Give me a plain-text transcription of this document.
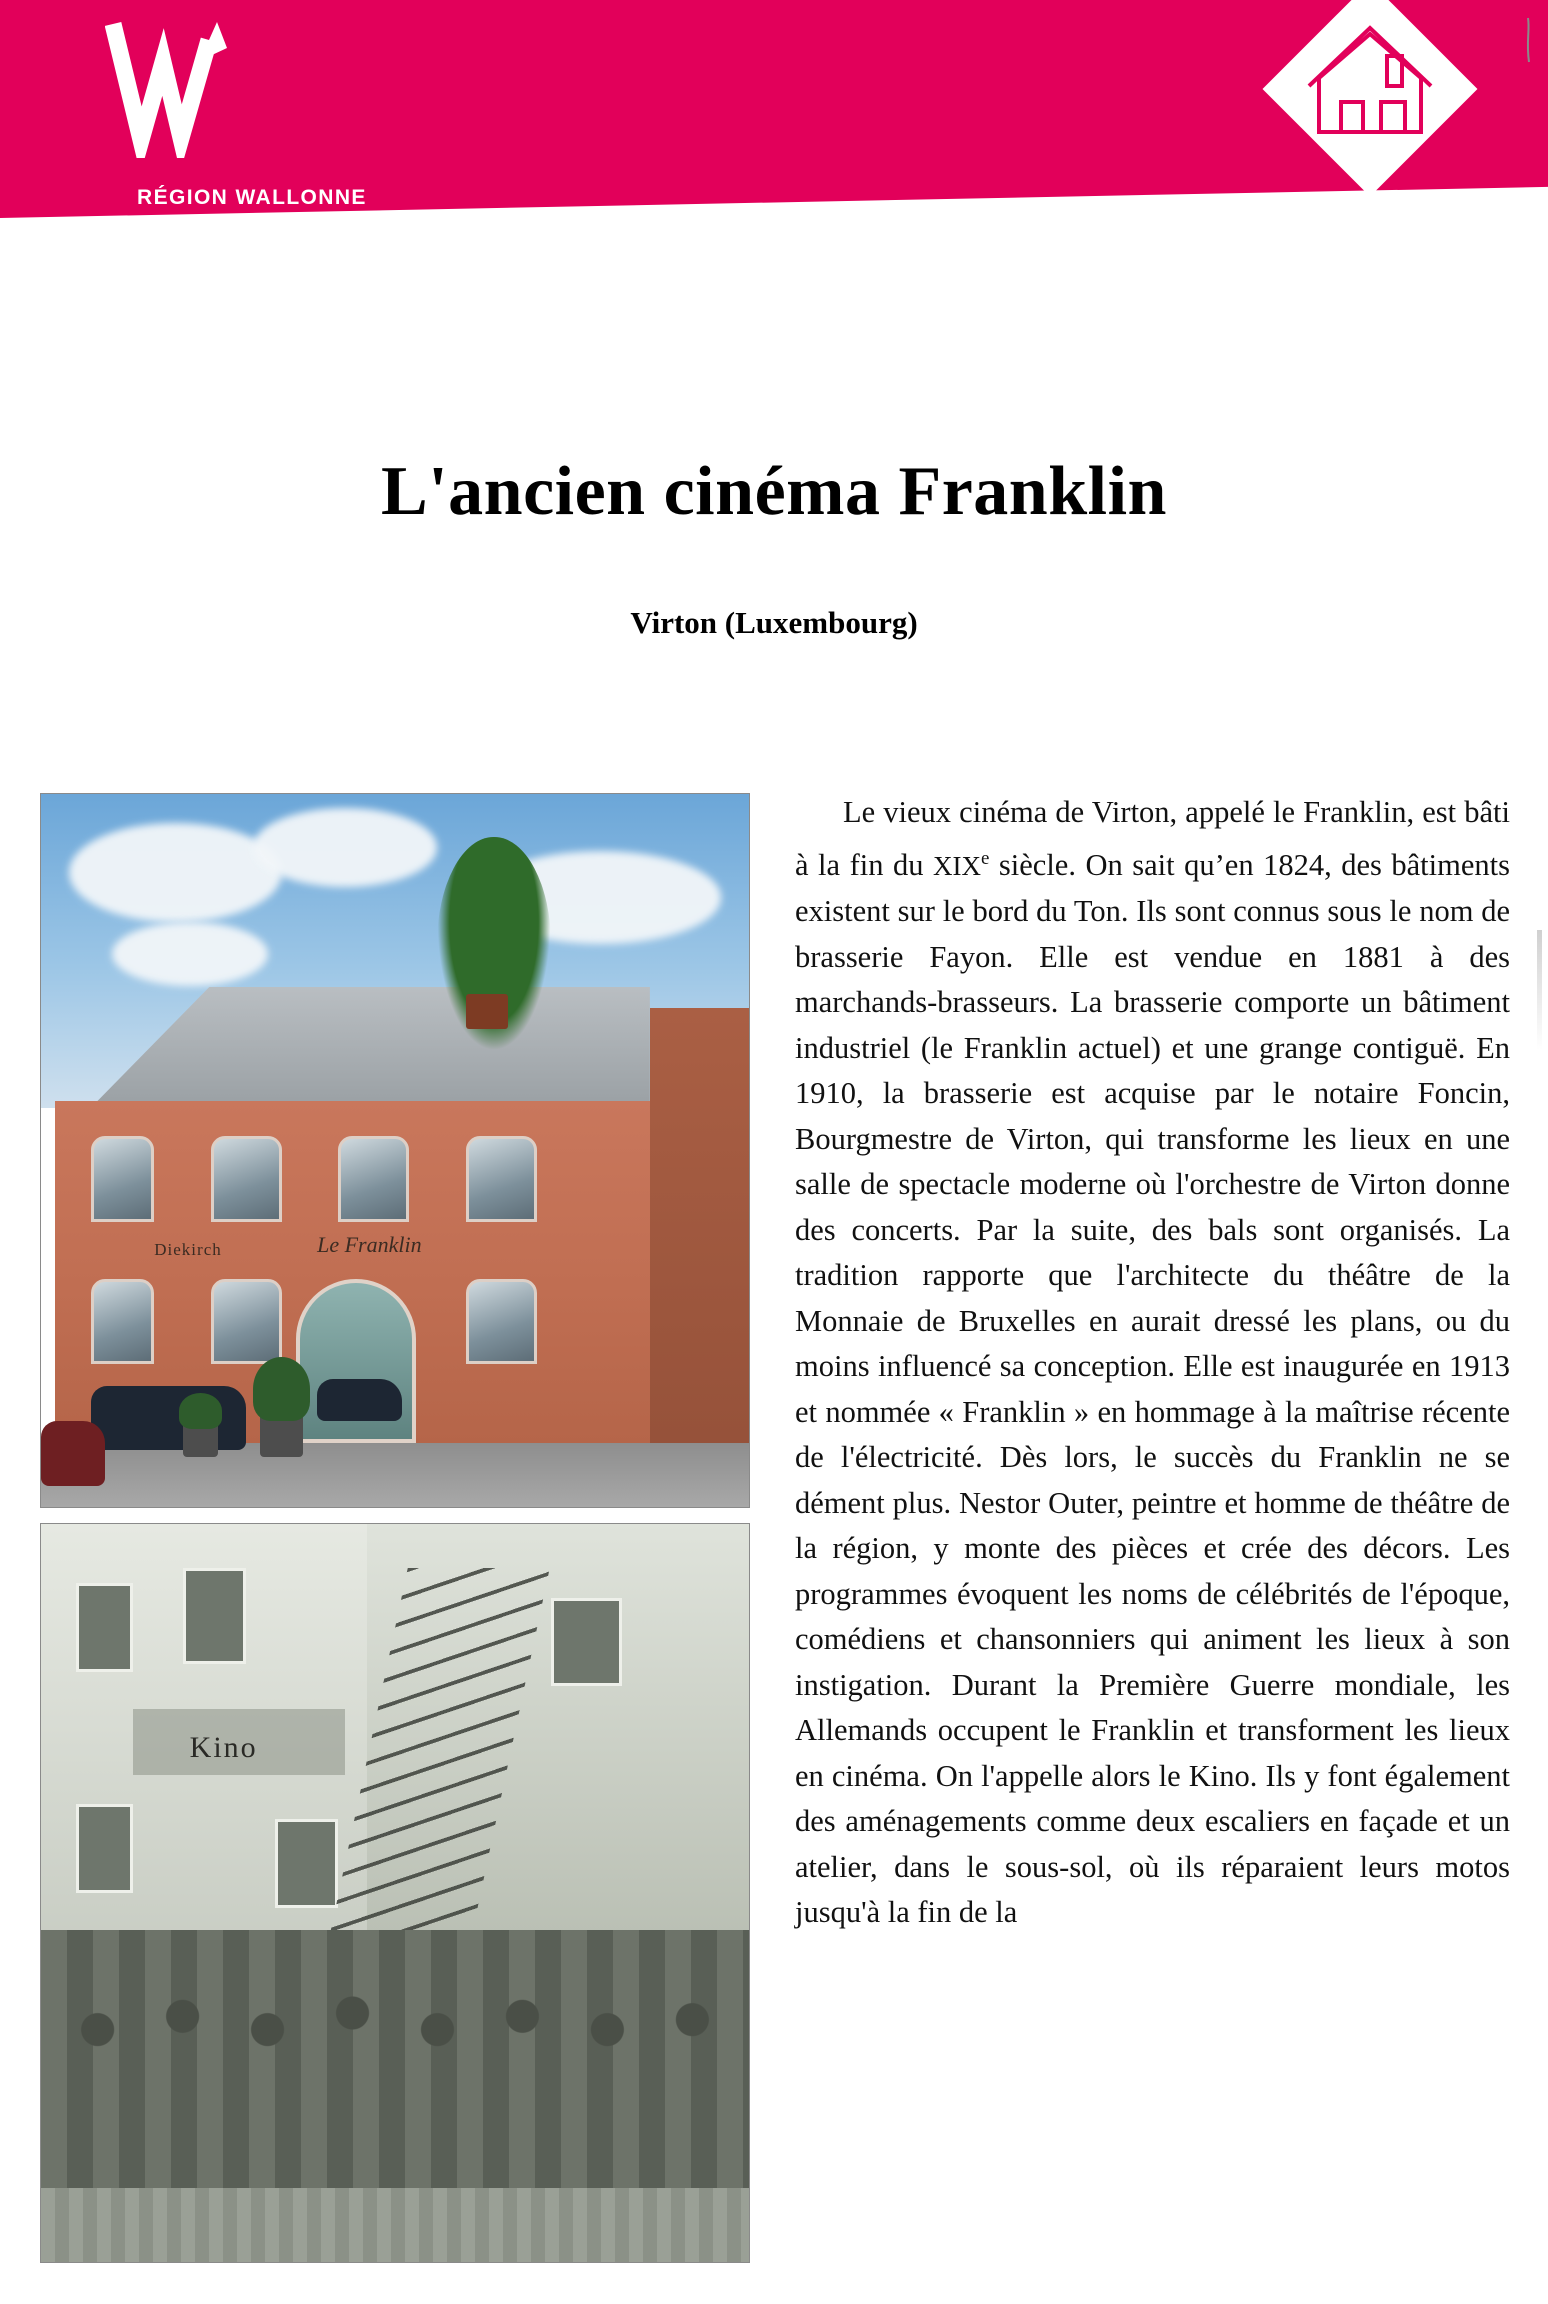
RÉGION WALLONNE
L'ancien cinéma Franklin
Virton (Luxembourg)
Diekirch	Le Franklin
Kino

Le vieux cinéma de Virton, appelé le Franklin, est bâti à la fin du XIXe siècle. On sait qu’en 1824, des bâtiments existent sur le bord du Ton. Ils sont connus sous le nom de brasserie Fayon. Elle est vendue en 1881 à des marchands-brasseurs. La brasserie comporte un bâtiment industriel (le Franklin actuel) et une grange contiguë. En 1910, la brasserie est acquise par le notaire Foncin, Bourgmestre de Virton, qui transforme les lieux en une salle de spectacle moderne où l'orchestre de Virton donne des concerts. Par la suite, des bals sont organisés. La tradition rapporte que l'architecte du théâtre de la Monnaie de Bruxelles en aurait dressé les plans, ou du moins influencé sa conception. Elle est inaugurée en 1913 et nommée « Franklin » en hommage à la maîtrise récente de l'électricité. Dès lors, le succès du Franklin ne se dément plus. Nestor Outer, peintre et homme de théâtre de la région, y monte des pièces et crée des décors. Les programmes évoquent les noms de célébrités de l'époque, comédiens et chansonniers qui animent les lieux à son instigation. Durant la Première Guerre mondiale, les Allemands occupent le Franklin et transforment les lieux en cinéma. On l'appelle alors le Kino. Ils y font également des aménagements comme deux escaliers en façade et un atelier, dans le sous-sol, où ils réparaient leurs motos jusqu'à la fin de la
